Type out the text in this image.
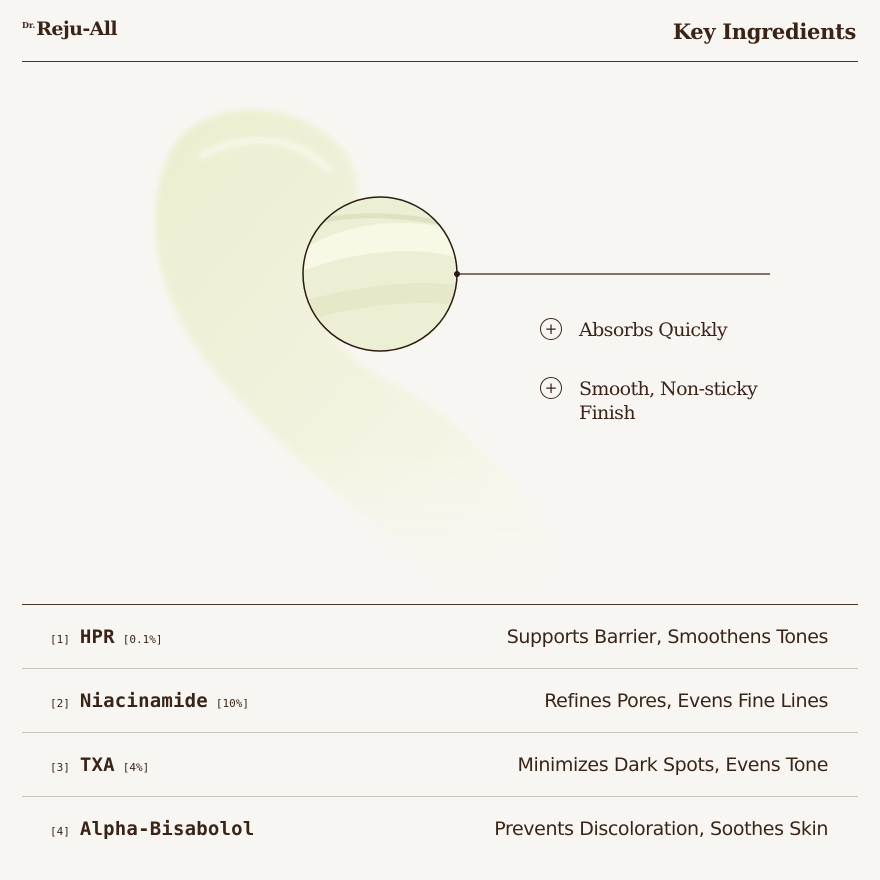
Dr. Reju-All	Key Ingredients
+ Absorbs Quickly
+ Smooth, Non-sticky Finish
[1] HPR [0.1%]	Supports Barrier, Smoothens Tones
[2] Niacinamide [10%]	Refines Pores, Evens Fine Lines
[3] TXA [4%]	Minimizes Dark Spots, Evens Tone
[4] Alpha-Bisabolol	Prevents Discoloration, Soothes Skin
